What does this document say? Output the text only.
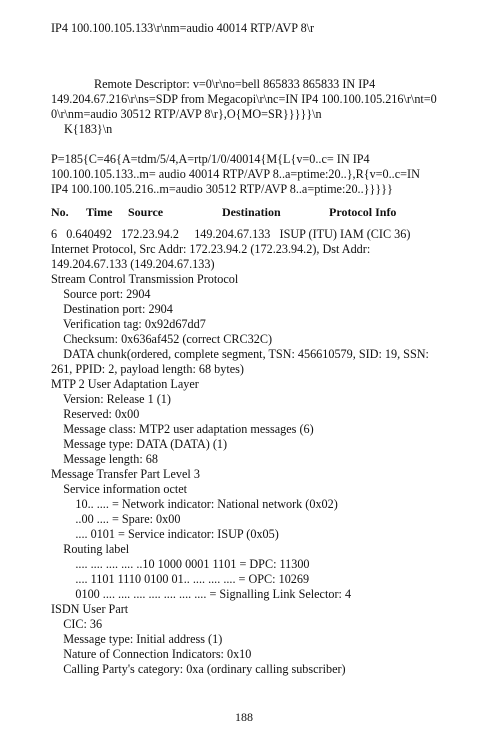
IP4 100.100.105.133\r\nm=audio 40014 RTP/AVP 8\r
Remote Descriptor: v=0\r\no=bell 865833 865833 IN IP4
149.204.67.216\r\ns=SDP from Megacopi\r\nc=IN IP4 100.100.105.216\r\nt=0
0\r\nm=audio 30512 RTP/AVP 8\r},O{MO=SR}}}}}\n
K{183}\n
P=185{C=46{A=tdm/5/4,A=rtp/1/0/40014{M{L{v=0..c= IN IP4
100.100.105.133..m= audio 40014 RTP/AVP 8..a=ptime:20..},R{v=0..c=IN
IP4 100.100.105.216..m=audio 30512 RTP/AVP 8..a=ptime:20..}}}}}
No. Time Source	Destination	Protocol Info
6   0.640492   172.23.94.2     149.204.67.133   ISUP (ITU) IAM (CIC 36)
Internet Protocol, Src Addr: 172.23.94.2 (172.23.94.2), Dst Addr:
149.204.67.133 (149.204.67.133)
Stream Control Transmission Protocol
Source port: 2904
Destination port: 2904
Verification tag: 0x92d67dd7
Checksum: 0x636af452 (correct CRC32C)
DATA chunk(ordered, complete segment, TSN: 456610579, SID: 19, SSN:
261, PPID: 2, payload length: 68 bytes)
MTP 2 User Adaptation Layer
Version: Release 1 (1)
Reserved: 0x00
Message class: MTP2 user adaptation messages (6)
Message type: DATA (DATA) (1)
Message length: 68
Message Transfer Part Level 3
Service information octet
10.. .... = Network indicator: National network (0x02)
..00 .... = Spare: 0x00
.... 0101 = Service indicator: ISUP (0x05)
Routing label
.... .... .... .... ..10 1000 0001 1101 = DPC: 11300
.... 1101 1110 0100 01.. .... .... .... = OPC: 10269
0100 .... .... .... .... .... .... .... = Signalling Link Selector: 4
ISDN User Part
CIC: 36
Message type: Initial address (1)
Nature of Connection Indicators: 0x10
Calling Party's category: 0xa (ordinary calling subscriber)
188
